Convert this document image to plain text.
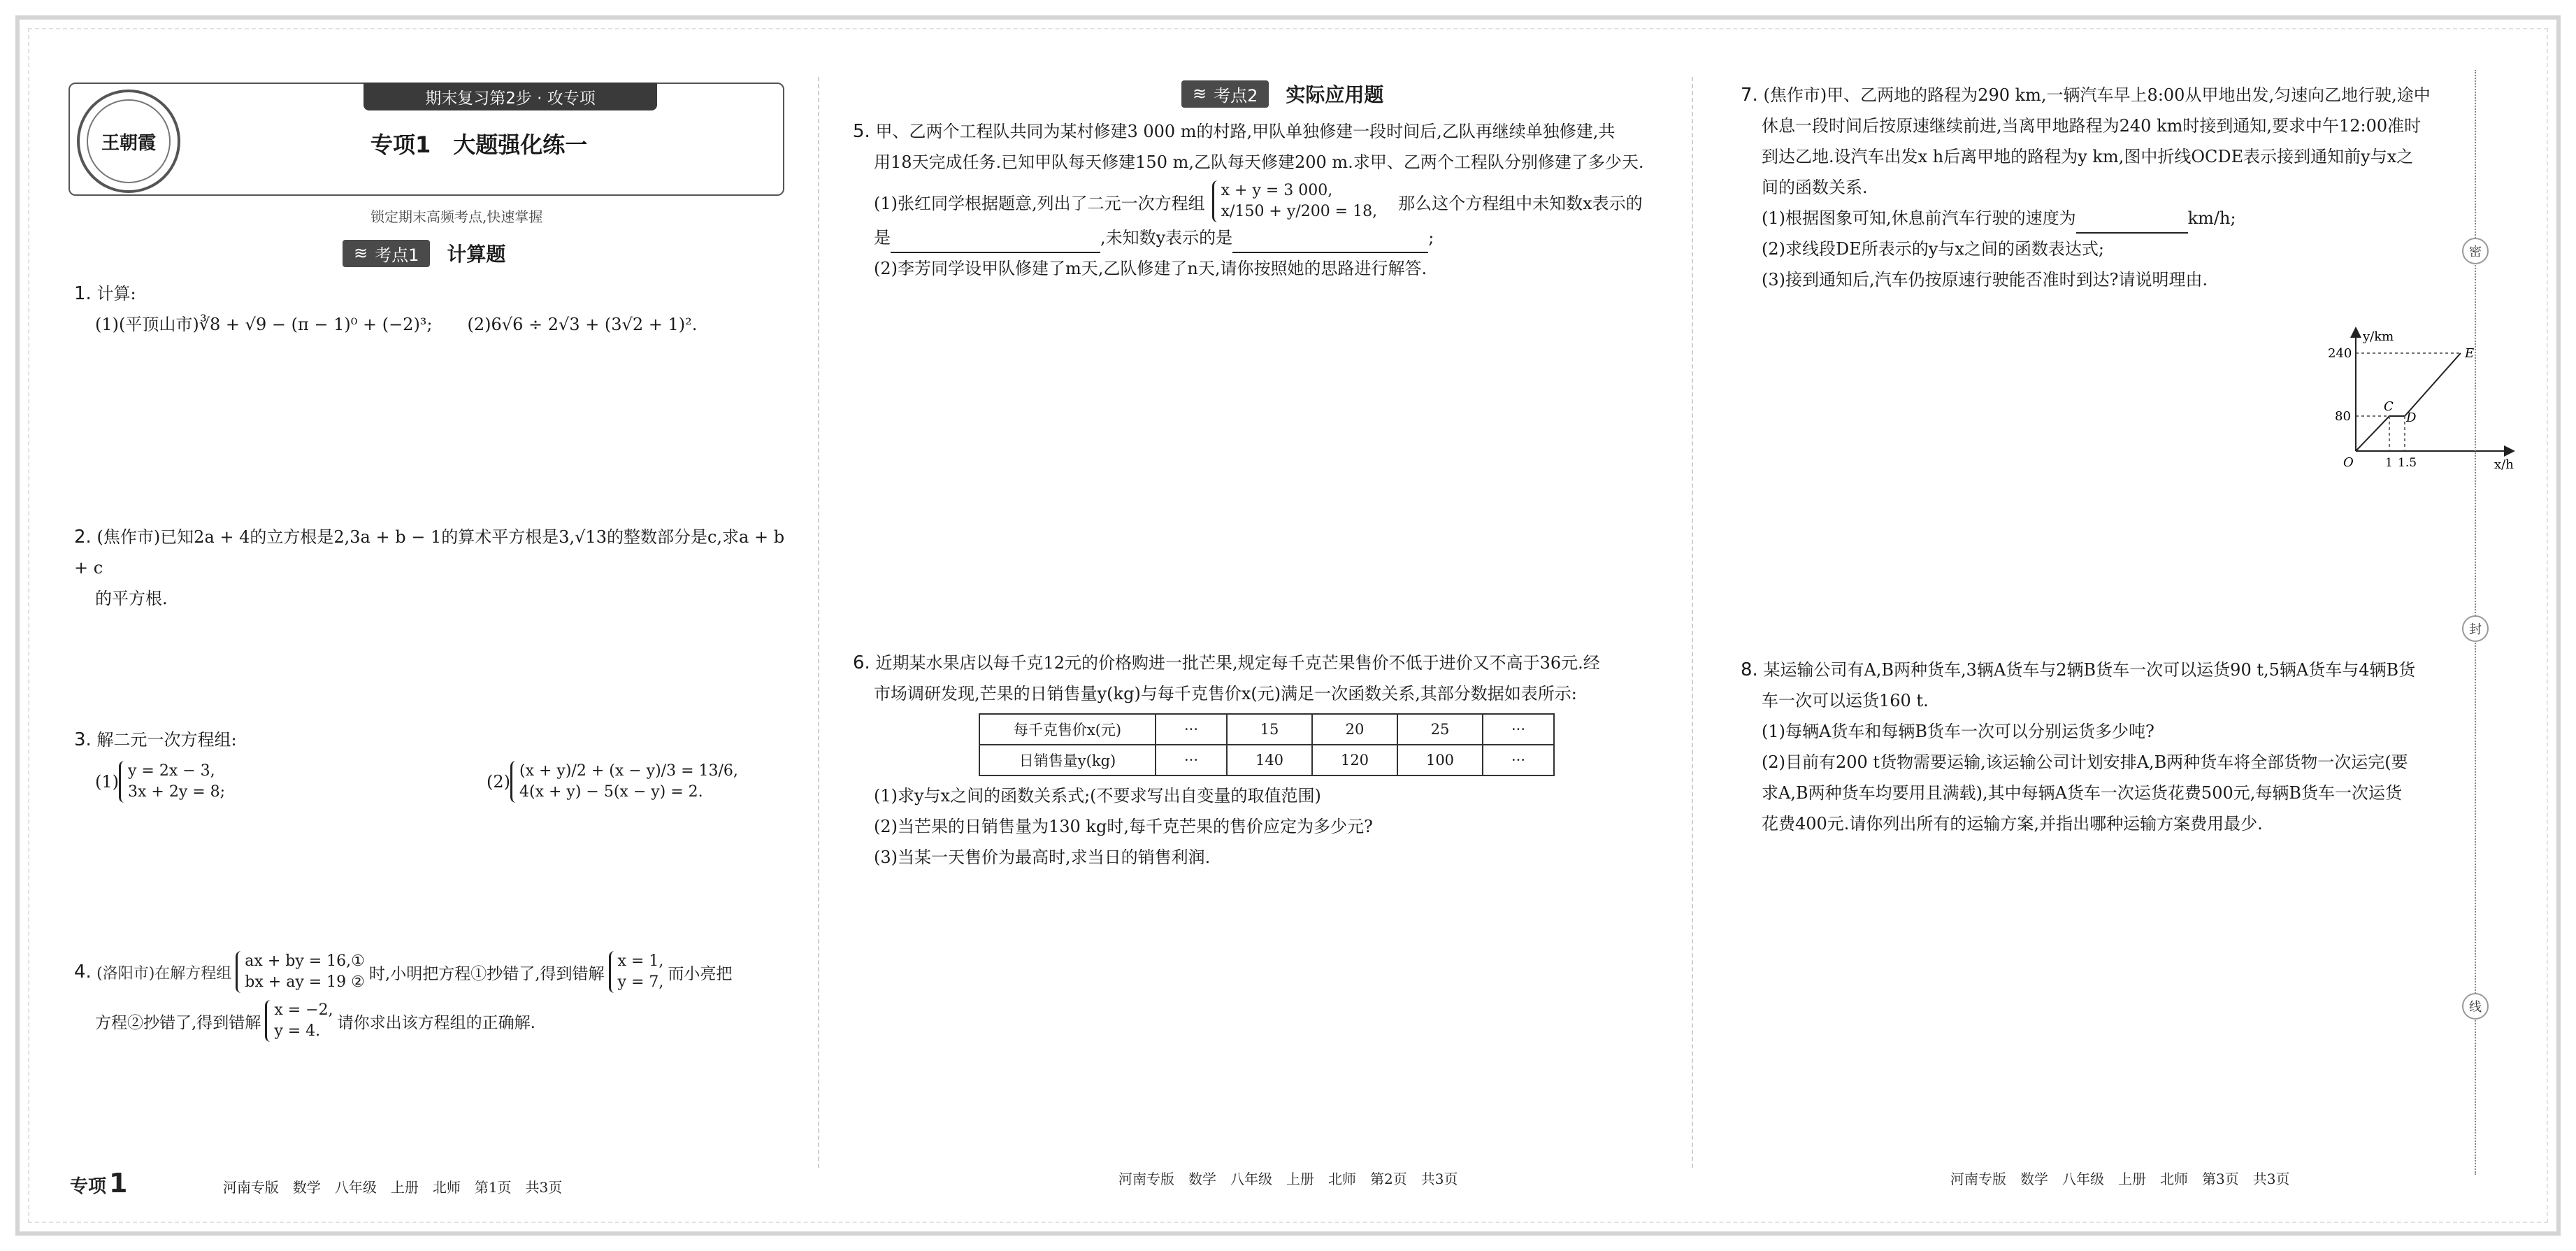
王朝霞
期末复习第2步 · 攻专项
专项1　大题强化练一
锁定期末高频考点,快速掌握
≋ 考点1 计算题

1. 计算:

(1)(平顶山市)∛8 + √9 − (π − 1)⁰ + (−2)³; (2)6√6 ÷ 2√3 + (3√2 + 1)².

2. (焦作市)已知2a + 4的立方根是2,3a + b − 1的算术平方根是3,√13的整数部分是c,求a + b + c

的平方根.

3. 解二元一次方程组:

(1)
y = 2x − 3,
3x + 2y = 8;
(2)
(x + y)/2 + (x − y)/3 = 13/6,
4(x + y) − 5(x − y) = 2.
4.
(洛阳市)在解方程组
ax + by = 16,①
bx + ay = 19 ② 时,小明把方程①抄错了,得到错解
x = 1,
y = 7, 而小亮把
方程②抄错了,得到错解
x = −2,
y = 4.	请你求出该方程组的正确解.
专项 1	河南专版　数学　八年级　上册　北师　第1页　共3页
≋ 考点2 实际应用题

5. 甲、乙两个工程队共同为某村修建3 000 m的村路,甲队单独修建一段时间后,乙队再继续单独修建,共

用18天完成任务.已知甲队每天修建150 m,乙队每天修建200 m.求甲、乙两个工程队分别修建了多少天.

(1)张红同学根据题意,列出了二元一次方程组
x + y = 3 000,
x/150 + y/200 = 18, 那么这个方程组中未知数x表示的

是	,未知数y表示的是	;

(2)李芳同学设甲队修建了m天,乙队修建了n天,请你按照她的思路进行解答.

6. 近期某水果店以每千克12元的价格购进一批芒果,规定每千克芒果售价不低于进价又不高于36元.经

市场调研发现,芒果的日销售量y(kg)与每千克售价x(元)满足一次函数关系,其部分数据如表所示:

每千克售价x(元)	···	15	20	25	···
日销售量y(kg)	···	140	120	100	···

(1)求y与x之间的函数关系式;(不要求写出自变量的取值范围)

(2)当芒果的日销售量为130 kg时,每千克芒果的售价应定为多少元?

(3)当某一天售价为最高时,求当日的销售利润.

河南专版　数学　八年级　上册　北师　第2页　共3页

7. (焦作市)甲、乙两地的路程为290 km,一辆汽车早上8:00从甲地出发,匀速向乙地行驶,途中

休息一段时间后按原速继续前进,当离甲地路程为240 km时接到通知,要求中午12:00准时

到达乙地.设汽车出发x h后离甲地的路程为y km,图中折线OCDE表示接到通知前y与x之

间的函数关系.

(1)根据图象可知,休息前汽车行驶的速度为	km/h;

(2)求线段DE所表示的y与x之间的函数表达式;

(3)接到通知后,汽车仍按原速行驶能否准时到达?请说明理由.

y/km
x/h
240
80
O	1 1.5
C
D
E

8. 某运输公司有A,B两种货车,3辆A货车与2辆B货车一次可以运货90 t,5辆A货车与4辆B货

车一次可以运货160 t.

(1)每辆A货车和每辆B货车一次可以分别运货多少吨?

(2)目前有200 t货物需要运输,该运输公司计划安排A,B两种货车将全部货物一次运完(要

求A,B两种货车均要用且满载),其中每辆A货车一次运货花费500元,每辆B货车一次运货

花费400元.请你列出所有的运输方案,并指出哪种运输方案费用最少.

河南专版　数学　八年级　上册　北师　第3页　共3页
密
封
线
